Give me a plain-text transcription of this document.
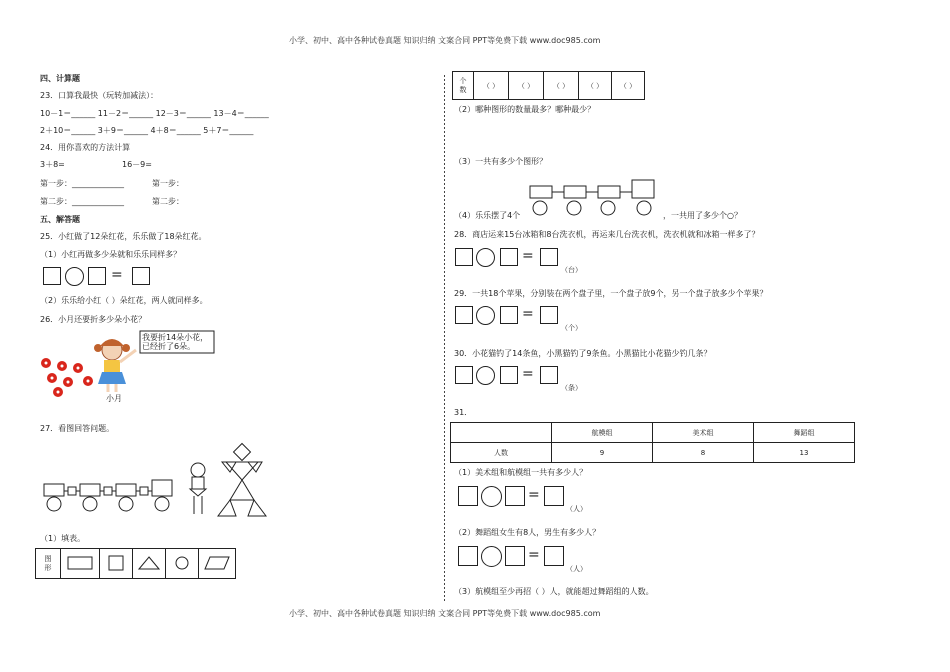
小学、初中、高中各种试卷真题 知识归纳 文案合同 PPT等免费下载 www.doc985.com
小学、初中、高中各种试卷真题 知识归纳 文案合同 PPT等免费下载 www.doc985.com
四、计算题
23．口算我最快（玩转加减法）：
10－1＝______ 11－2＝______ 12－3＝______ 13－4＝______
2＋10＝______ 3＋9＝______ 4＋8＝______ 5＋7＝______
24．用你喜欢的方法计算
3＋8=	16－9=
第一步：_____________	第一步：
第二步：_____________	第二步：
五、解答题
25．小红做了12朵红花，乐乐做了18朵红花。
（1）小红再做多少朵就和乐乐同样多？
=
（2）乐乐给小红（ ）朵红花，两人就同样多。
26．小月还要折多少朵小花？
我要折14朵小花，已经折了6朵。
小月
27．看图回答问题。
（1）填表。
图形					
个数	（ ）	（ ）	（ ）	（ ）	（ ）
（2）哪种图形的数量最多？哪种最少？
（3）一共有多少个图形？
（4）乐乐摆了4个	，一共用了多少个○？
28．商店运来15台冰箱和8台洗衣机，再运来几台洗衣机，洗衣机就和冰箱一样多了？
=
（台）
29．一共18个苹果，分别装在两个盘子里，一个盘子放9个，另一个盘子放多少个苹果？
=
（个）
30．小花猫钓了14条鱼，小黑猫钓了9条鱼。小黑猫比小花猫少钓几条？
=
（条）
31．
	航模组	美术组	舞蹈组
人数	9	8	13
（1）美术组和航模组一共有多少人？
=
（人）
（2）舞蹈组女生有8人，男生有多少人？
=
（人）
（3）航模组至少再招（ ）人，就能超过舞蹈组的人数。
